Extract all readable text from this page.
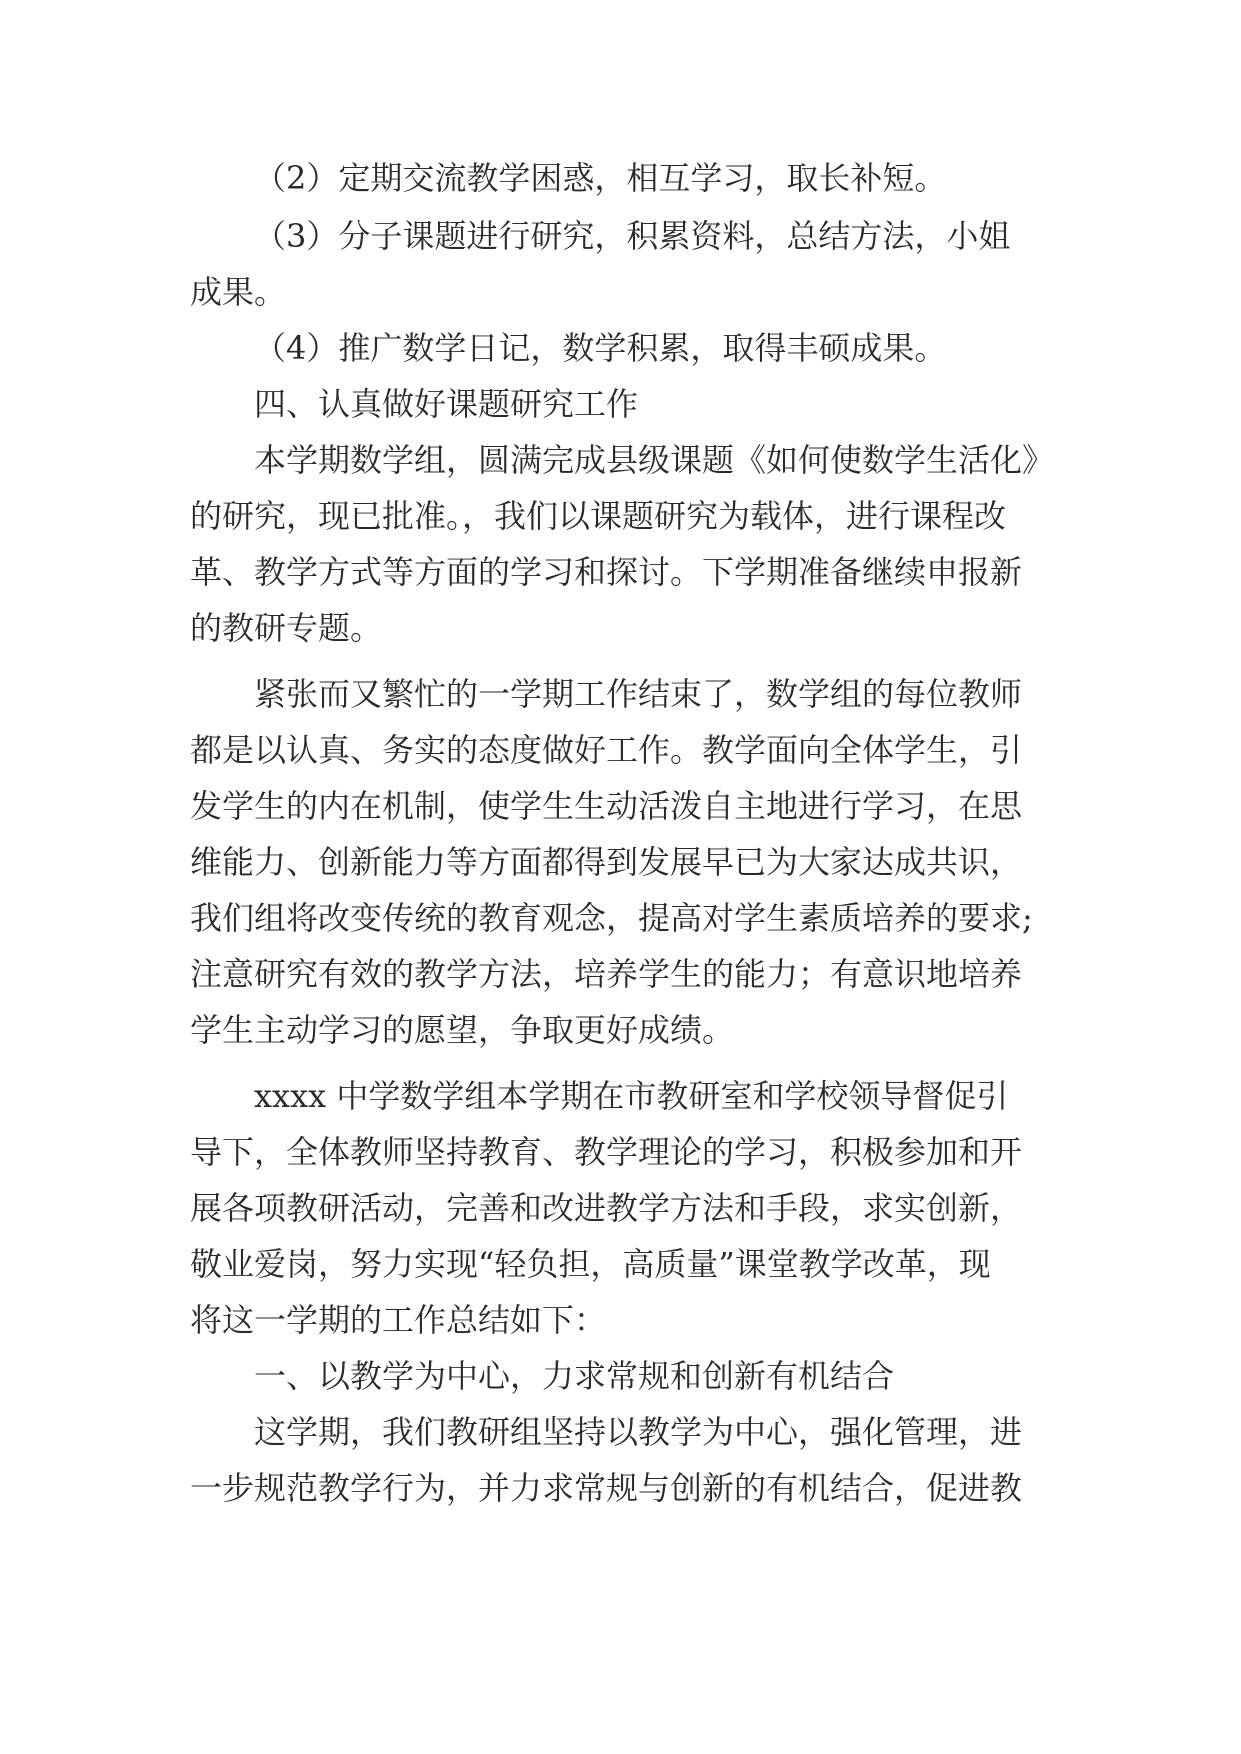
（2）定期交流教学困惑，相互学习，取长补短。
（3）分子课题进行研究，积累资料，总结方法，小姐
成果。
（4）推广数学日记，数学积累，取得丰硕成果。
四、认真做好课题研究工作
本学期数学组，圆满完成县级课题《如何使数学生活化》
的研究，现已批准。，我们以课题研究为载体，进行课程改
革、教学方式等方面的学习和探讨。下学期准备继续申报新
的教研专题。
紧张而又繁忙的一学期工作结束了，数学组的每位教师
都是以认真、务实的态度做好工作。教学面向全体学生，引
发学生的内在机制，使学生生动活泼自主地进行学习，在思
维能力、创新能力等方面都得到发展早已为大家达成共识，
我们组将改变传统的教育观念，提高对学生素质培养的要求;
注意研究有效的教学方法，培养学生的能力；有意识地培养
学生主动学习的愿望，争取更好成绩。
xxxx 中学数学组本学期在市教研室和学校领导督促引
导下，全体教师坚持教育、教学理论的学习，积极参加和开
展各项教研活动，完善和改进教学方法和手段，求实创新，
敬业爱岗，努力实现“轻负担，高质量”课堂教学改革，现
将这一学期的工作总结如下：
一、以教学为中心，力求常规和创新有机结合
这学期，我们教研组坚持以教学为中心，强化管理，进
一步规范教学行为，并力求常规与创新的有机结合，促进教
